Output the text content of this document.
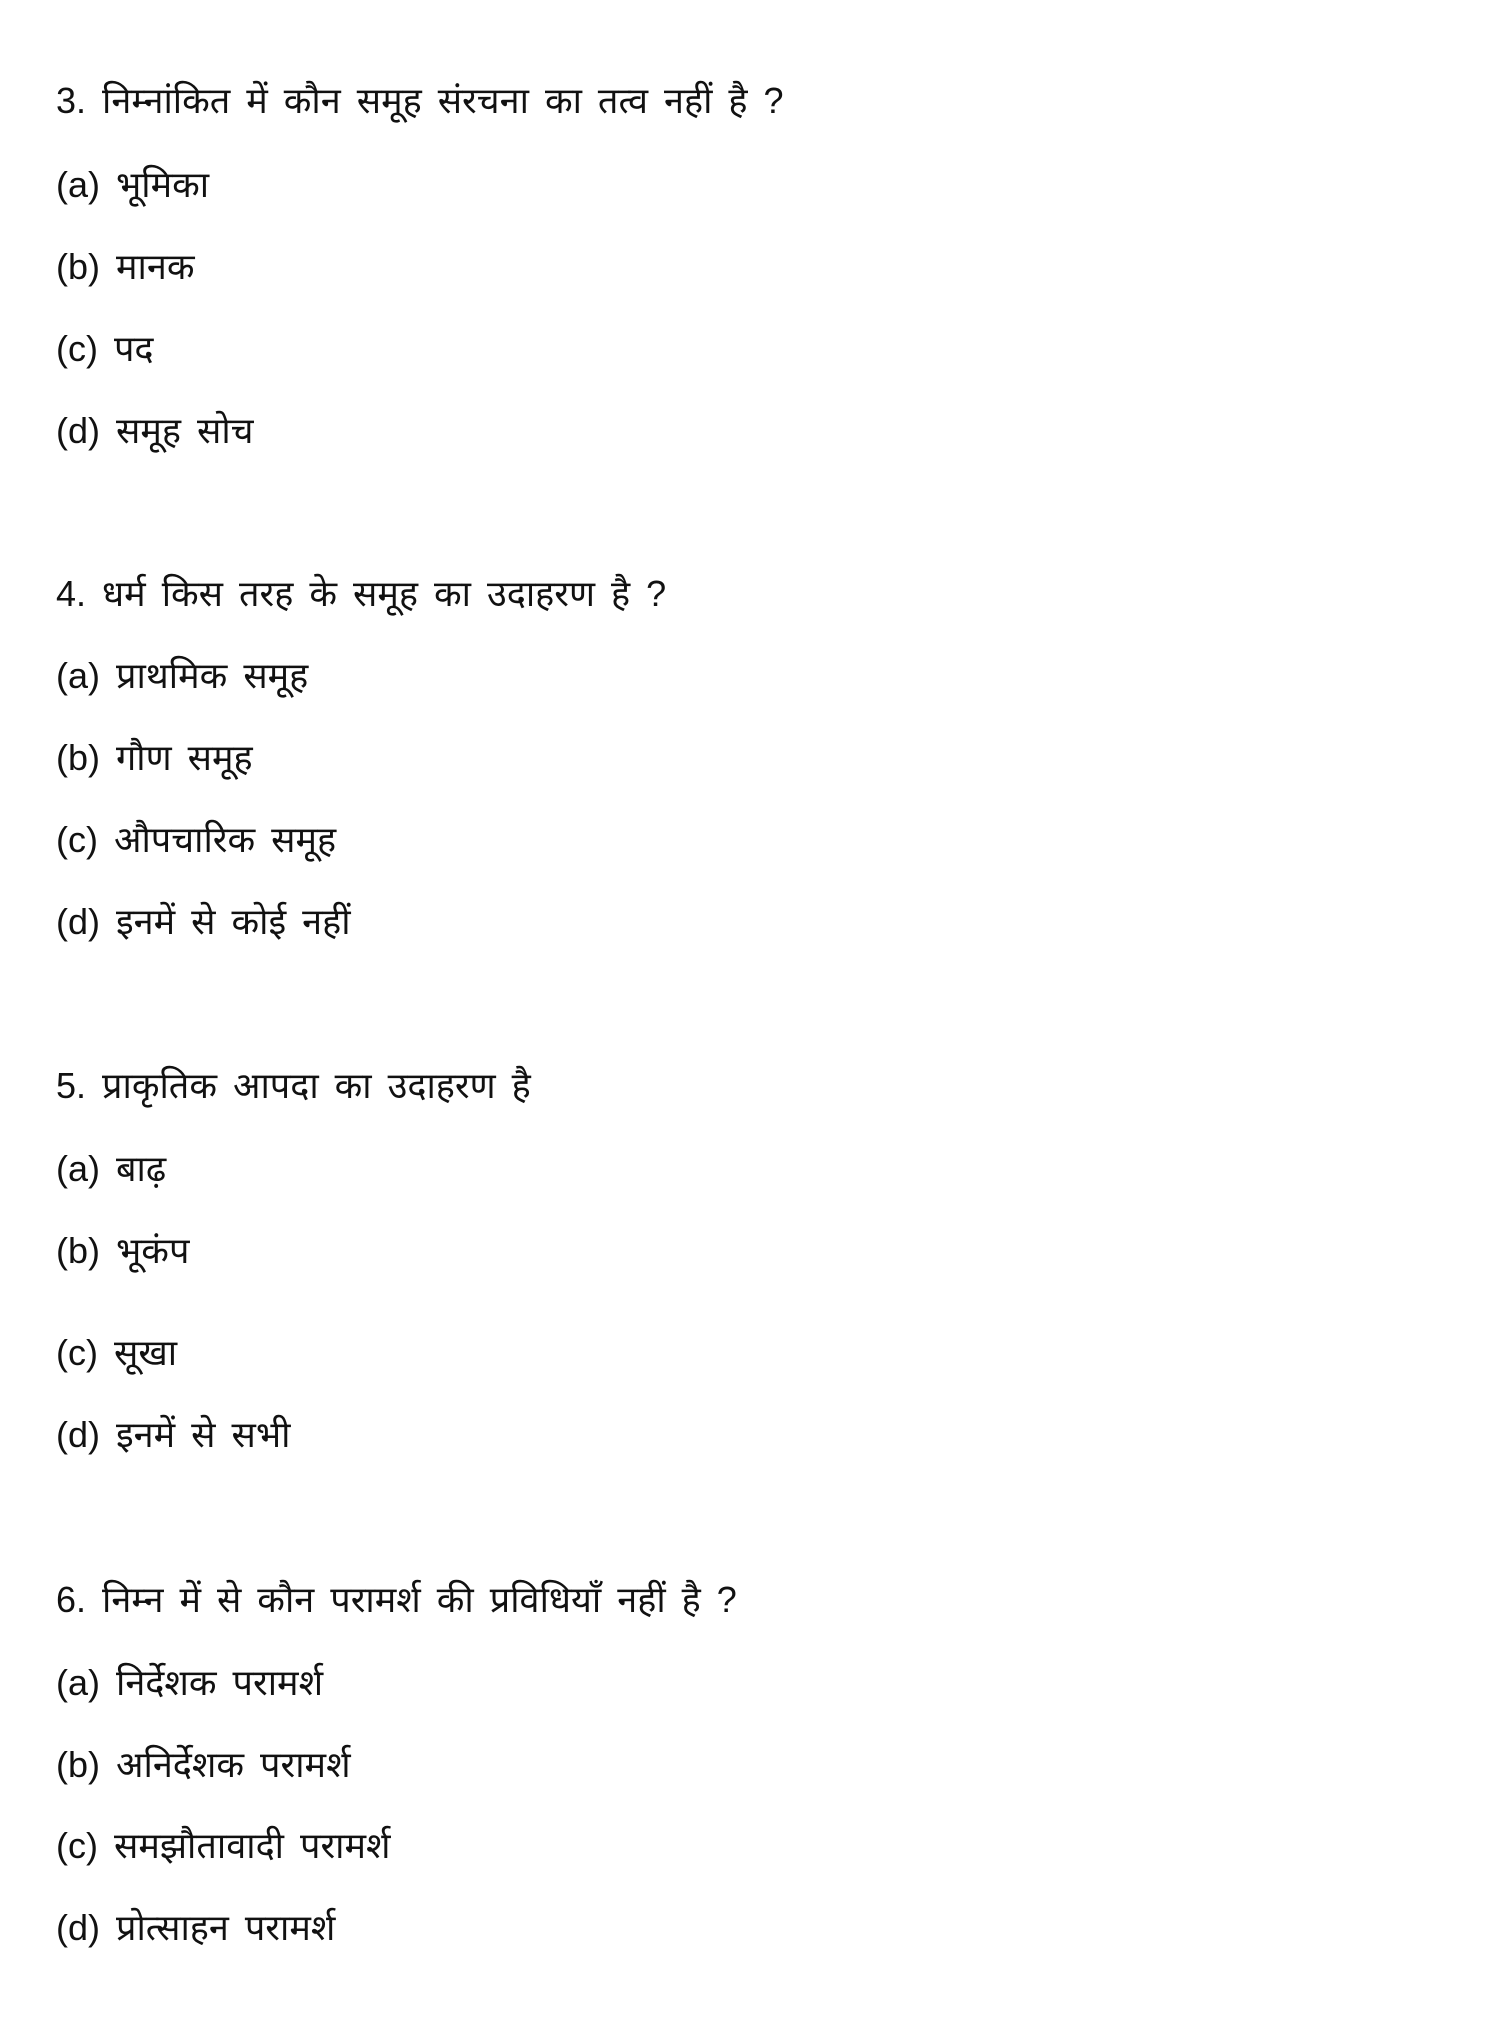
3. निम्नांकित में कौन समूह संरचना का तत्व नहीं है ?
(a) भूमिका
(b) मानक
(c) पद
(d) समूह सोच
4. धर्म किस तरह के समूह का उदाहरण है ?
(a) प्राथमिक समूह
(b) गौण समूह
(c) औपचारिक समूह
(d) इनमें से कोई नहीं
5. प्राकृतिक आपदा का उदाहरण है
(a) बाढ़
(b) भूकंप
(c) सूखा
(d) इनमें से सभी
6. निम्न में से कौन परामर्श की प्रविधियाँ नहीं है ?
(a) निर्देशक परामर्श
(b) अनिर्देशक परामर्श
(c) समझौतावादी परामर्श
(d) प्रोत्साहन परामर्श
